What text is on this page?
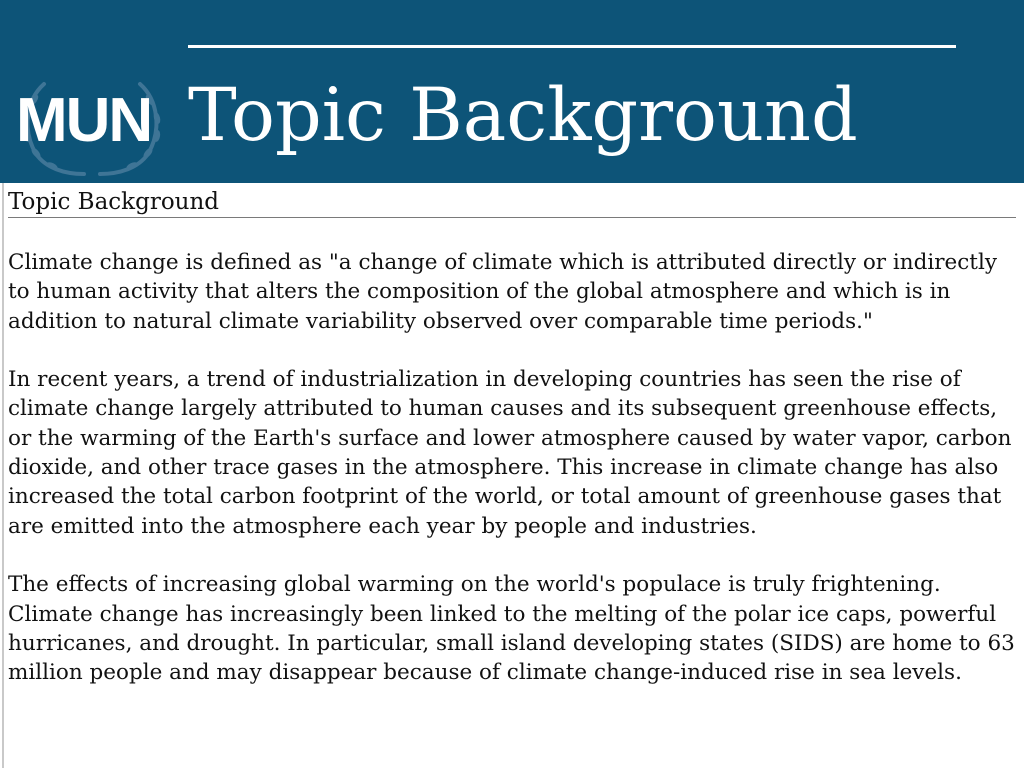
MUN Topic Background
Topic Background

Climate change is defined as "a change of climate which is attributed directly or indirectly to human activity that alters the composition of the global atmosphere and which is in addition to natural climate variability observed over comparable time periods."

In recent years, a trend of industrialization in developing countries has seen the rise of climate change largely attributed to human causes and its subsequent greenhouse effects, or the warming of the Earth's surface and lower atmosphere caused by water vapor, carbon dioxide, and other trace gases in the atmosphere. This increase in climate change has also increased the total carbon footprint of the world, or total amount of greenhouse gases that are emitted into the atmosphere each year by people and industries.

The effects of increasing global warming on the world's populace is truly frightening. Climate change has increasingly been linked to the melting of the polar ice caps, powerful hurricanes, and drought. In particular, small island developing states (SIDS) are home to 63 million people and may disappear because of climate change-induced rise in sea levels.
